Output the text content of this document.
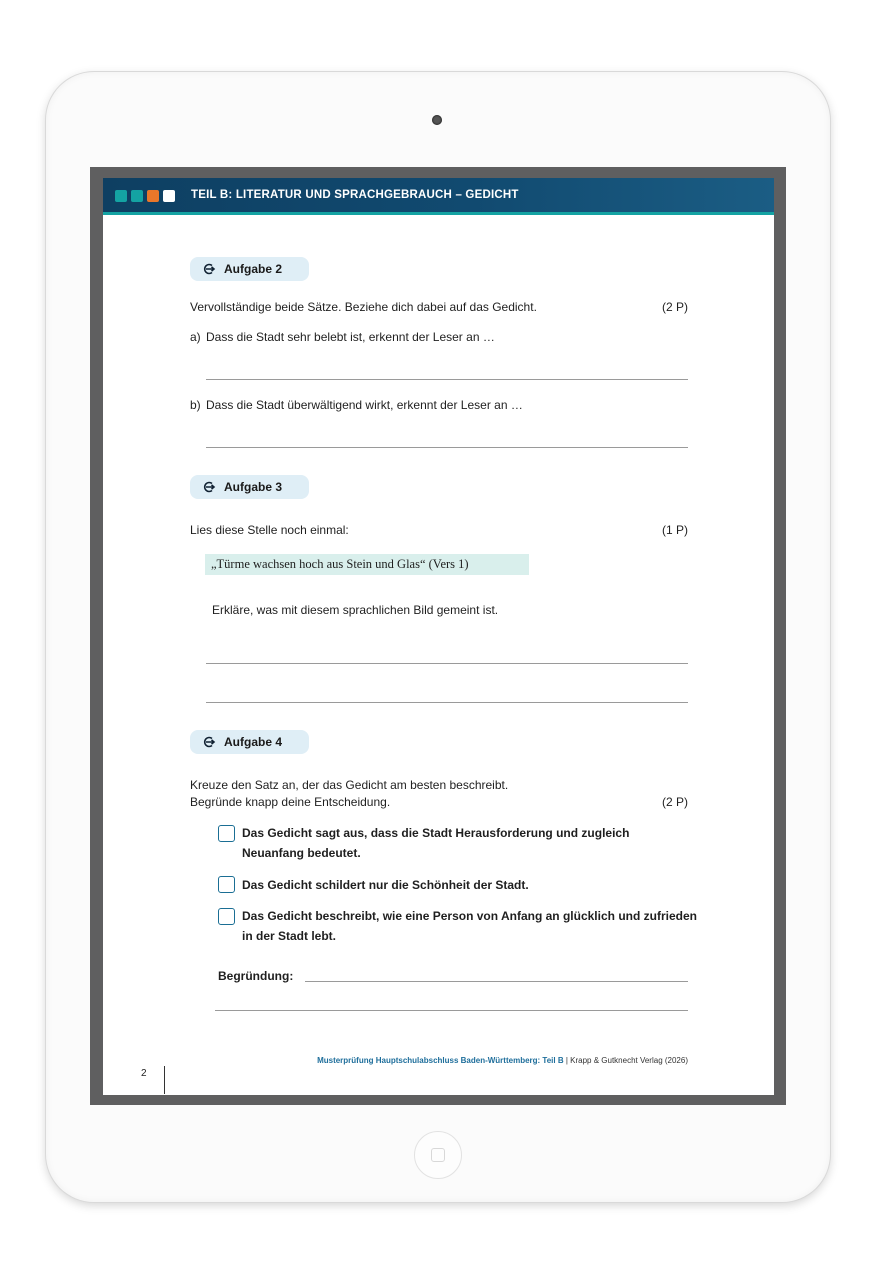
TEIL B: LITERATUR UND SPRACHGEBRAUCH – GEDICHT
Aufgabe 2
Vervollständige beide Sätze. Beziehe dich dabei auf das Gedicht.	(2 P)
a) Dass die Stadt sehr belebt ist, erkennt der Leser an …
b) Dass die Stadt überwältigend wirkt, erkennt der Leser an …
Aufgabe 3
Lies diese Stelle noch einmal:	(1 P)
„Türme wachsen hoch aus Stein und Glas“ (Vers 1)
Erkläre, was mit diesem sprachlichen Bild gemeint ist.
Aufgabe 4
Kreuze den Satz an, der das Gedicht am besten beschreibt.
Begründe knapp deine Entscheidung.	(2 P)
Das Gedicht sagt aus, dass die Stadt Herausforderung und zugleich
Neuanfang bedeutet.
Das Gedicht schildert nur die Schönheit der Stadt.
Das Gedicht beschreibt, wie eine Person von Anfang an glücklich und zufrieden
in der Stadt lebt.
Begründung:
Musterprüfung Hauptschulabschluss Baden-Württemberg: Teil B | Krapp & Gutknecht Verlag (2026)
2
